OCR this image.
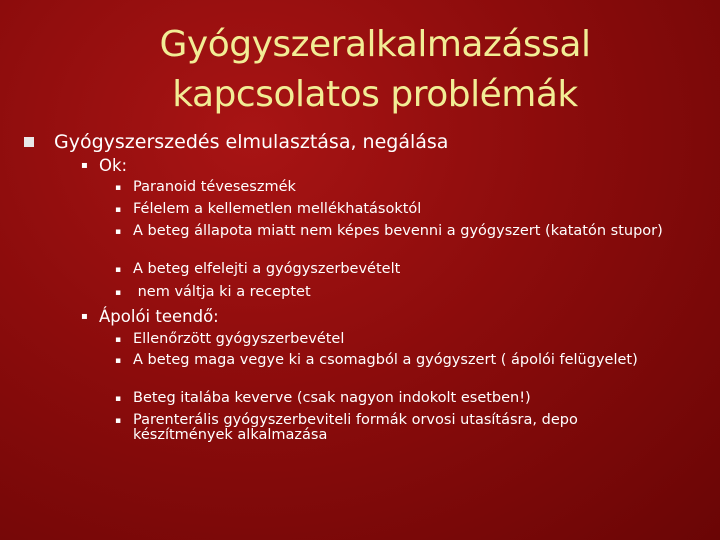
Gyógyszeralkalmazással
kapcsolatos problémák
Gyógyszerszedés elmulasztása, negálása
▪ Ok:
▪ Paranoid téveseszmék
▪ Félelem a kellemetlen mellékhatásoktól
▪ A beteg állapota miatt nem képes bevenni a gyógyszert (katatón stupor)
▪ A beteg elfelejti a gyógyszerbevételt
▪ nem váltja ki a receptet
▪ Ápolói teendő:
▪ Ellenőrzött gyógyszerbevétel
▪ A beteg maga vegye ki a csomagból a gyógyszert ( ápolói felügyelet)
▪ Beteg italába keverve (csak nagyon indokolt esetben!)
▪ Parenterális gyógyszerbeviteli formák orvosi utasításra, depo készítmények alkalmazása
